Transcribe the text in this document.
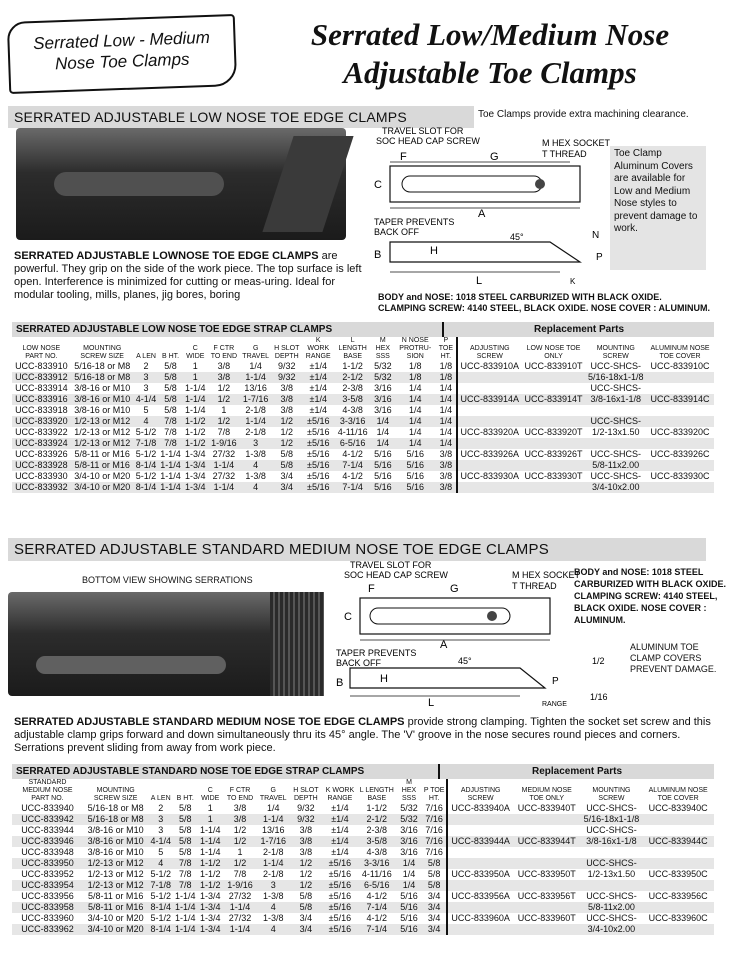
Serrated Low - Medium
Nose Toe Clamps
Serrated Low/Medium Nose
Adjustable Toe Clamps
SERRATED ADJUSTABLE LOW NOSE TOE EDGE CLAMPS	Toe Clamps provide extra machining clearance.
TRAVEL SLOT FOR
SOC HEAD CAP SCREW	M HEX SOCKET
T THREAD
F	G
C
A
TAPER PREVENTS
BACK OFF	45°	N
H
B	P
L	K
Toe Clamp Aluminum Covers are available for Low and Medium Nose styles to prevent damage to work.
SERRATED ADJUSTABLE LOWNOSE TOE EDGE CLAMPS are powerful. They grip on the side of the work piece. The top surface is left open. Interference is minimized for cutting or meas-uring. Ideal for modular tooling, mills, planes, jig bores, boring	BODY and NOSE: 1018 STEEL CARBURIZED WITH BLACK OXIDE.
CLAMPING SCREW: 4140 STEEL, BLACK OXIDE. NOSE COVER : ALUMINUM.
SERRATED ADJUSTABLE LOW NOSE TOE EDGE STRAP CLAMPS	Replacement Parts
LOW NOSE PART NO.	MOUNTING SCREW SIZE	A LEN	B HT.	C WIDE	F CTR TO END	G TRAVEL	H SLOT DEPTH	K WORK RANGE	L LENGTH BASE	M HEX SSS	N NOSE PROTRU-SION	P TOE HT.	ADJUSTING SCREW	LOW NOSE TOE ONLY	MOUNTING SCREW	ALUMINUM NOSE TOE COVER
UCC-833910	5/16-18 or M8	2	5/8	1	3/8	1/4	9/32	±1/4	1-1/2	5/32	1/8	1/8	UCC-833910A	UCC-833910T	UCC-SHCS-	UCC-833910C
UCC-833912	5/16-18 or M8	3	5/8	1	3/8	1-1/4	9/32	±1/4	2-1/2	5/32	1/8	1/8			5/16-18x1-1/8	
UCC-833914	3/8-16 or M10	3	5/8	1-1/4	1/2	13/16	3/8	±1/4	2-3/8	3/16	1/4	1/4			UCC-SHCS-	
UCC-833916	3/8-16 or M10	4-1/4	5/8	1-1/4	1/2	1-7/16	3/8	±1/4	3-5/8	3/16	1/4	1/4	UCC-833914A	UCC-833914T	3/8-16x1-1/8	UCC-833914C
UCC-833918	3/8-16 or M10	5	5/8	1-1/4	1	2-1/8	3/8	±1/4	4-3/8	3/16	1/4	1/4				
UCC-833920	1/2-13 or M12	4	7/8	1-1/2	1/2	1-1/4	1/2	±5/16	3-3/16	1/4	1/4	1/4			UCC-SHCS-	
UCC-833922	1/2-13 or M12	5-1/2	7/8	1-1/2	7/8	2-1/8	1/2	±5/16	4-11/16	1/4	1/4	1/4	UCC-833920A	UCC-833920T	1/2-13x1.50	UCC-833920C
UCC-833924	1/2-13 or M12	7-1/8	7/8	1-1/2	1-9/16	3	1/2	±5/16	6-5/16	1/4	1/4	1/4				
UCC-833926	5/8-11 or M16	5-1/2	1-1/4	1-3/4	27/32	1-3/8	5/8	±5/16	4-1/2	5/16	5/16	3/8	UCC-833926A	UCC-833926T	UCC-SHCS-	UCC-833926C
UCC-833928	5/8-11 or M16	8-1/4	1-1/4	1-3/4	1-1/4	4	5/8	±5/16	7-1/4	5/16	5/16	3/8			5/8-11x2.00	
UCC-833930	3/4-10 or M20	5-1/2	1-1/4	1-3/4	27/32	1-3/8	3/4	±5/16	4-1/2	5/16	5/16	3/8	UCC-833930A	UCC-833930T	UCC-SHCS-	UCC-833930C
UCC-833932	3/4-10 or M20	8-1/4	1-1/4	1-3/4	1-1/4	4	3/4	±5/16	7-1/4	5/16	5/16	3/8			3/4-10x2.00	
SERRATED ADJUSTABLE STANDARD MEDIUM NOSE TOE EDGE CLAMPS
BOTTOM VIEW SHOWING SERRATIONS
TRAVEL SLOT FOR
SOC HEAD CAP SCREW	M HEX SOCKET
T THREAD
F	G
C
A
TAPER PREVENTS
BACK OFF	45°	1/2
H
B	P
1/16
L	RANGE
BODY and NOSE: 1018 STEEL CARBURIZED WITH BLACK OXIDE. CLAMPING SCREW: 4140 STEEL, BLACK OXIDE. NOSE COVER : ALUMINUM.
ALUMINUM TOE CLAMP COVERS PREVENT DAMAGE.
SERRATED ADJUSTABLE STANDARD MEDIUM NOSE TOE EDGE CLAMPS provide strong clamping. Tighten the socket set screw and this adjustable clamp grips forward and down simultaneously thru its 45° angle. The 'V' groove in the nose secures round pieces and corners. Serrations prevent sliding from away from work piece.
SERRATED ADJUSTABLE STANDARD NOSE TOE EDGE STRAP CLAMPS	Replacement Parts
STANDARD MEDIUM NOSE PART NO.	MOUNTING SCREW SIZE	A LEN	B HT.	C WIDE	F CTR TO END	G TRAVEL	H SLOT DEPTH	K WORK RANGE	L LENGTH BASE	M HEX SSS	P TOE HT.	ADJUSTING SCREW	MEDIUM NOSE TOE ONLY	MOUNTING SCREW	ALUMINUM NOSE TOE COVER
UCC-833940	5/16-18 or M8	2	5/8	1	3/8	1/4	9/32	±1/4	1-1/2	5/32	7/16	UCC-833940A	UCC-833940T	UCC-SHCS-	UCC-833940C
UCC-833942	5/16-18 or M8	3	5/8	1	3/8	1-1/4	9/32	±1/4	2-1/2	5/32	7/16			5/16-18x1-1/8	
UCC-833944	3/8-16 or M10	3	5/8	1-1/4	1/2	13/16	3/8	±1/4	2-3/8	3/16	7/16			UCC-SHCS-	
UCC-833946	3/8-16 or M10	4-1/4	5/8	1-1/4	1/2	1-7/16	3/8	±1/4	3-5/8	3/16	7/16	UCC-833944A	UCC-833944T	3/8-16x1-1/8	UCC-833944C
UCC-833948	3/8-16 or M10	5	5/8	1-1/4	1	2-1/8	3/8	±1/4	4-3/8	3/16	7/16				
UCC-833950	1/2-13 or M12	4	7/8	1-1/2	1/2	1-1/4	1/2	±5/16	3-3/16	1/4	5/8			UCC-SHCS-	
UCC-833952	1/2-13 or M12	5-1/2	7/8	1-1/2	7/8	2-1/8	1/2	±5/16	4-11/16	1/4	5/8	UCC-833950A	UCC-833950T	1/2-13x1.50	UCC-833950C
UCC-833954	1/2-13 or M12	7-1/8	7/8	1-1/2	1-9/16	3	1/2	±5/16	6-5/16	1/4	5/8				
UCC-833956	5/8-11 or M16	5-1/2	1-1/4	1-3/4	27/32	1-3/8	5/8	±5/16	4-1/2	5/16	3/4	UCC-833956A	UCC-833956T	UCC-SHCS-	UCC-833956C
UCC-833958	5/8-11 or M16	8-1/4	1-1/4	1-3/4	1-1/4	4	5/8	±5/16	7-1/4	5/16	3/4			5/8-11x2.00	
UCC-833960	3/4-10 or M20	5-1/2	1-1/4	1-3/4	27/32	1-3/8	3/4	±5/16	4-1/2	5/16	3/4	UCC-833960A	UCC-833960T	UCC-SHCS-	UCC-833960C
UCC-833962	3/4-10 or M20	8-1/4	1-1/4	1-3/4	1-1/4	4	3/4	±5/16	7-1/4	5/16	3/4			3/4-10x2.00	
